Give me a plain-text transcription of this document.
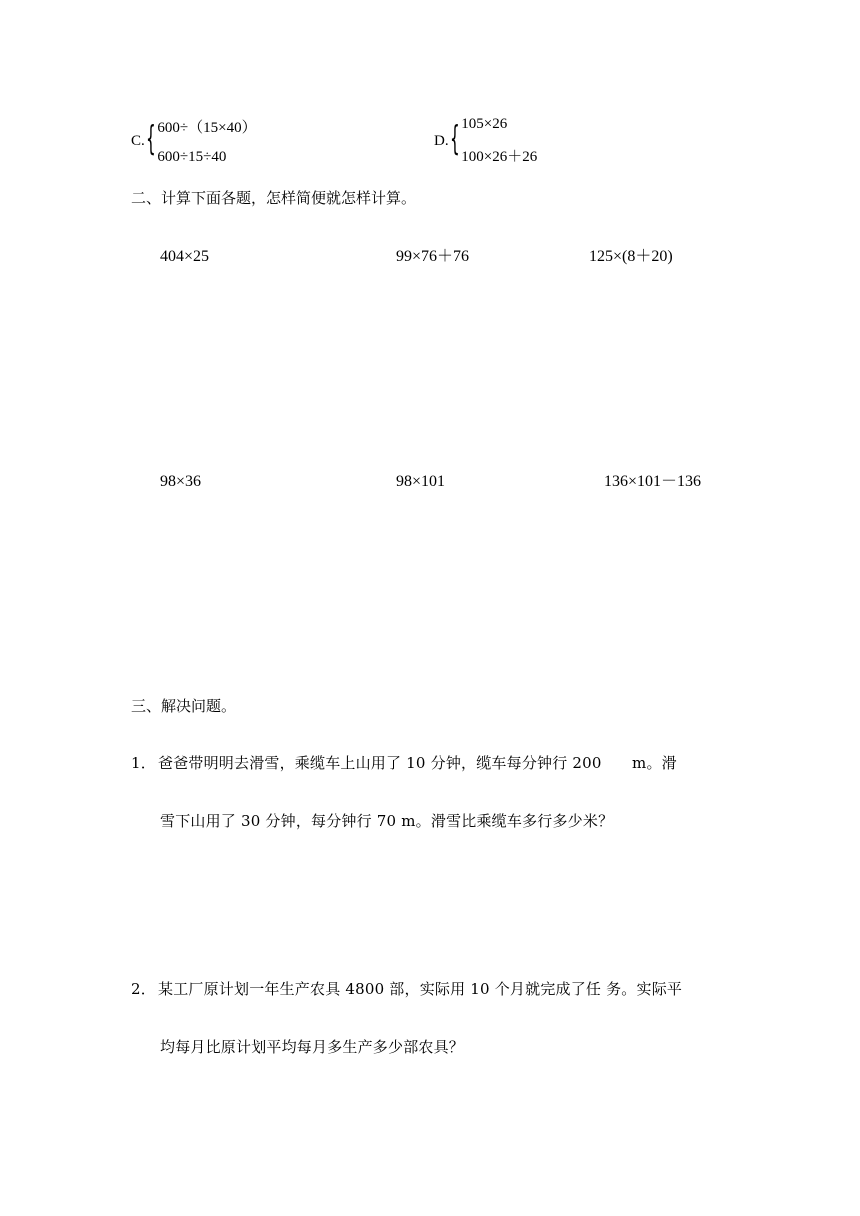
C. { 600÷（15×40）
600÷15÷40
D. { 105×26
100×26＋26
二、计算下面各题，怎样简便就怎样计算。
404×25	99×76＋76	125×(8＋20)
98×36	98×101	136×101－136
三、解决问题。
1． 爸爸带明明去滑雪，乘缆车上山用了 10 分钟，缆车每分钟行 200　　m。滑
雪下山用了 30 分钟，每分钟行 70 m。滑雪比乘缆车多行多少米？
2． 某工厂原计划一年生产农具 4800 部，实际用 10 个月就完成了任 务。实际平
均每月比原计划平均每月多生产多少部农具？
